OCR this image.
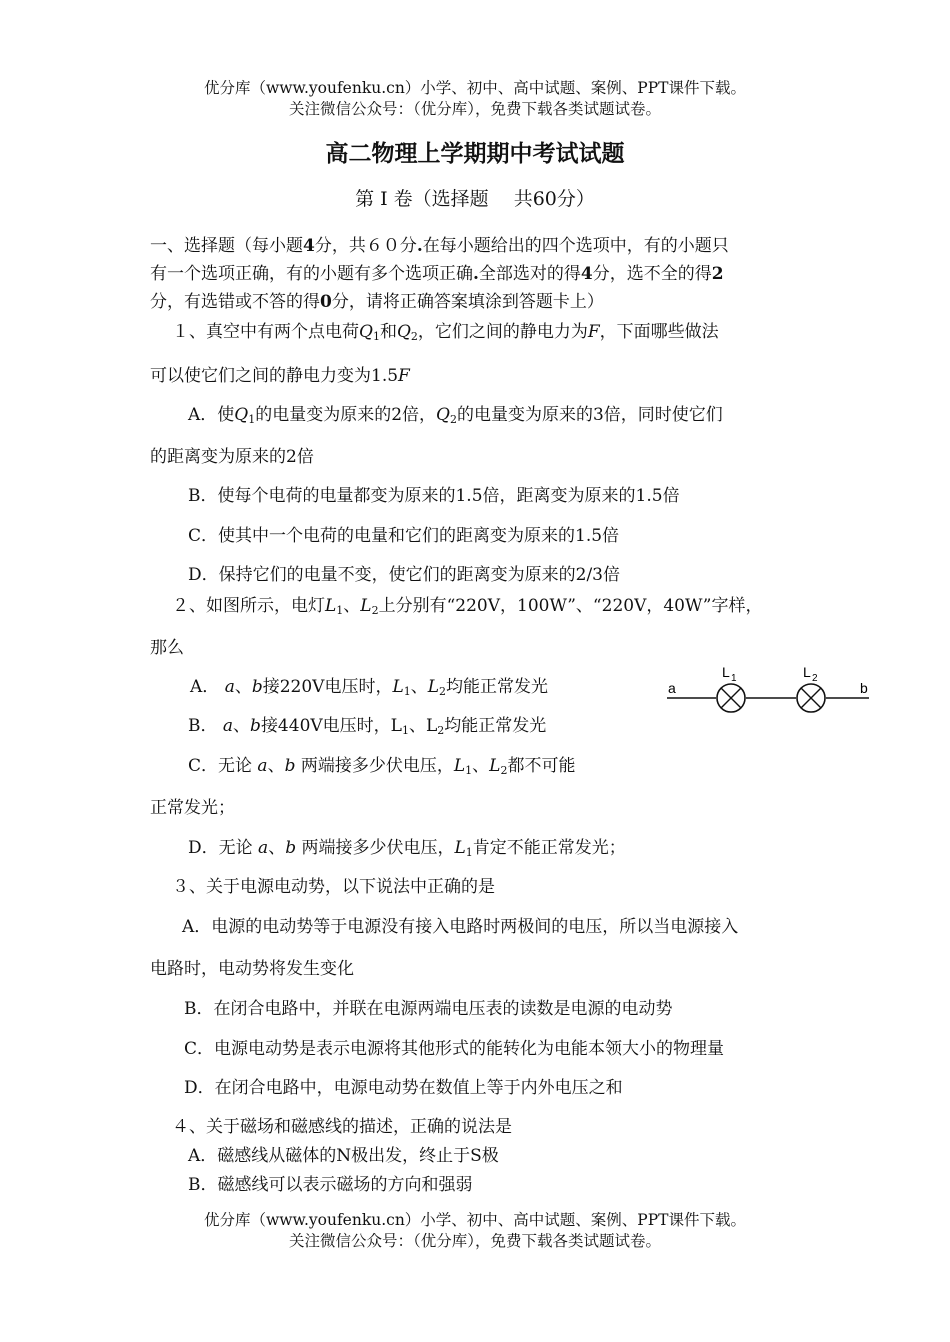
优分库（www.youfenku.cn）小学、初中、高中试题、案例、PPT课件下载。
关注微信公众号：（优分库），免费下载各类试题试卷。
高二物理上学期期中考试试题
第 I 卷（选择题　 共60分）
一、选择题（每小题4分，共６０分.在每小题给出的四个选项中，有的小题只
有一个选项正确，有的小题有多个选项正确.全部选对的得4分，选不全的得2
分，有选错或不答的得0分，请将正确答案填涂到答题卡上）
１、真空中有两个点电荷$Q_1$和$Q_2$，它们之间的静电力为F，下面哪些做法
可以使它们之间的静电力变为1.5F
A．使$Q_1$的电量变为原来的2倍，$Q_2$的电量变为原来的3倍，同时使它们
的距离变为原来的2倍
B．使每个电荷的电量都变为原来的1.5倍，距离变为原来的1.5倍
C．使其中一个电荷的电量和它们的距离变为原来的1.5倍
D．保持它们的电量不变，使它们的距离变为原来的2/3倍
２、如图所示，电灯$L_1$、$L_2$上分别有“220V，100W”、“220V，40W”字样，
那么
A． a、b接220V电压时，$L_1$、$L_2$均能正常发光
B． a、b接440V电压时，$L_1$、$L_2$均能正常发光
C．无论 a、b 两端接多少伏电压，$L_1$、$L_2$都不可能
正常发光；
D．无论 a、b 两端接多少伏电压，$L_1$肯定不能正常发光；
a	b
L 1	L 2
３、关于电源电动势，以下说法中正确的是
A．电源的电动势等于电源没有接入电路时两极间的电压，所以当电源接入
电路时，电动势将发生变化
B．在闭合电路中，并联在电源两端电压表的读数是电源的电动势
C．电源电动势是表示电源将其他形式的能转化为电能本领大小的物理量
D．在闭合电路中，电源电动势在数值上等于内外电压之和
４、关于磁场和磁感线的描述，正确的说法是
A．磁感线从磁体的N极出发，终止于S极
B．磁感线可以表示磁场的方向和强弱
优分库（www.youfenku.cn）小学、初中、高中试题、案例、PPT课件下载。
关注微信公众号：（优分库），免费下载各类试题试卷。
